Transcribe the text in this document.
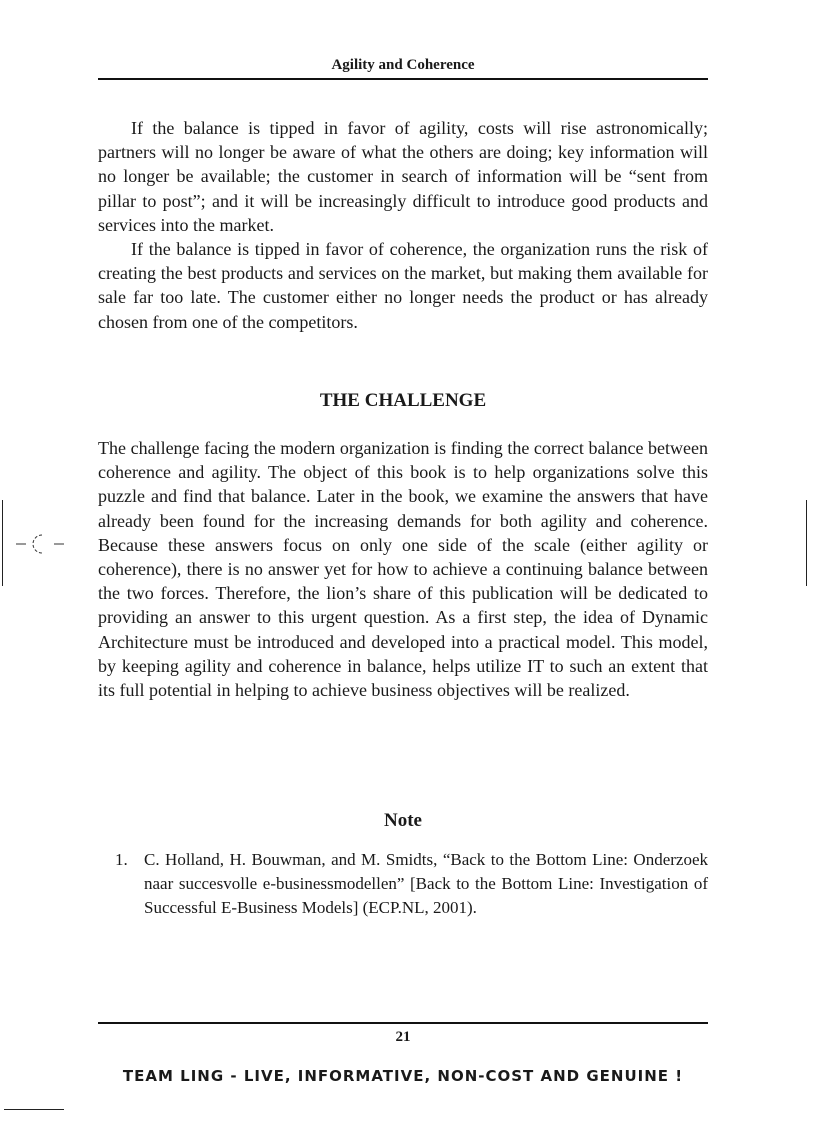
Agility and Coherence

If the balance is tipped in favor of agility, costs will rise astronomically; partners will no longer be aware of what the others are doing; key information will no longer be available; the customer in search of information will be “sent from pillar to post”; and it will be increasingly difficult to introduce good products and services into the market.

If the balance is tipped in favor of coherence, the organization runs the risk of creating the best products and services on the market, but making them available for sale far too late. The customer either no longer needs the product or has already chosen from one of the competitors.

THE CHALLENGE

The challenge facing the modern organization is finding the correct balance between coherence and agility. The object of this book is to help organizations solve this puzzle and find that balance. Later in the book, we examine the answers that have already been found for the increasing demands for both agility and coherence. Because these answers focus on only one side of the scale (either agility or coherence), there is no answer yet for how to achieve a continuing balance between the two forces. Therefore, the lion’s share of this publication will be dedicated to providing an answer to this urgent question. As a first step, the idea of Dynamic Architecture must be introduced and developed into a practical model. This model, by keeping agility and coherence in balance, helps utilize IT to such an extent that its full potential in helping to achieve business objectives will be realized.

Note
1. C. Holland, H. Bouwman, and M. Smidts, “Back to the Bottom Line: Onderzoek naar succesvolle e-businessmodellen” [Back to the Bottom Line: Investigation of Successful E-Business Models] (ECP.NL, 2001).
21
TEAM LING - LIVE, INFORMATIVE, NON-COST AND GENUINE !
